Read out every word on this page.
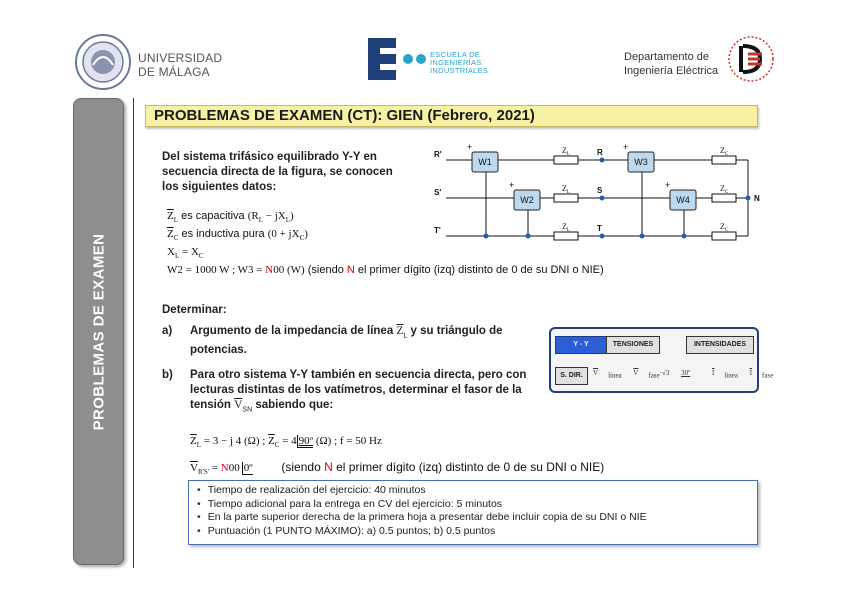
UNIVERSIDAD
DE MÁLAGA
ESCUELA DE
INGENIERÍAS
INDUSTRIALES
Departamento de
Ingeniería Eléctrica
PROBLEMAS DE EXAMEN
PROBLEMAS DE EXAMEN (CT): GIEN (Febrero, 2021)
Del sistema trifásico equilibrado Y-Y en secuencia directa de la figura, se conocen los siguientes datos:
$\overline{Z}_L$ es capacitiva $(R_L - jX_L)$
$\overline{Z}_C$ es inductiva pura $(0 + jX_C)$
$X_L = X_C$
W2 = 1000 W ; W3 = N00 (W) (siendo N el primer dígito (izq) distinto de 0 de su DNI o NIE)
R'
S'
T'
R
S
T
N
W1
W2
W3
W4
+
+
+
+
$Z_L$
$Z_L$
$Z_L$
$Z_C$
$Z_C$
$Z_C$
Determinar:
a) Argumento de la impedancia de línea $\overline{Z}_L$ y su triángulo de potencias.
b) Para otro sistema Y-Y también en secuencia directa, pero con lecturas distintas de los vatímetros, determinar el fasor de la tensión $\overline{V}_{SN}$ sabiendo que:
$\overline{Z}_L = 3 - j$ 4 (Ω) ; $\overline{Z}_C = 4$ 90º (Ω) ; f = 50 Hz
$\overline{V}_{R'S'} = N00$ 0º (siendo N el primer dígito (izq) distinto de 0 de su DNI o NIE)
Y - Y	TENSIONES	INTENSIDADES
S. DIR.	$\overline{V}$ $_{línea}$ $\overline{V}$ $_{fase}$·√3 30º	$\overline{I}$ $_{línea}$ $\overline{I}$ $_{fase}$
• Tiempo de realización del ejercicio: 40 minutos
• Tiempo adicional para la entrega en CV del ejercicio: 5 minutos
• En la parte superior derecha de la primera hoja a presentar debe incluir copia de su DNI o NIE
• Puntuación (1 PUNTO MÁXIMO): a) 0.5 puntos; b) 0.5 puntos
